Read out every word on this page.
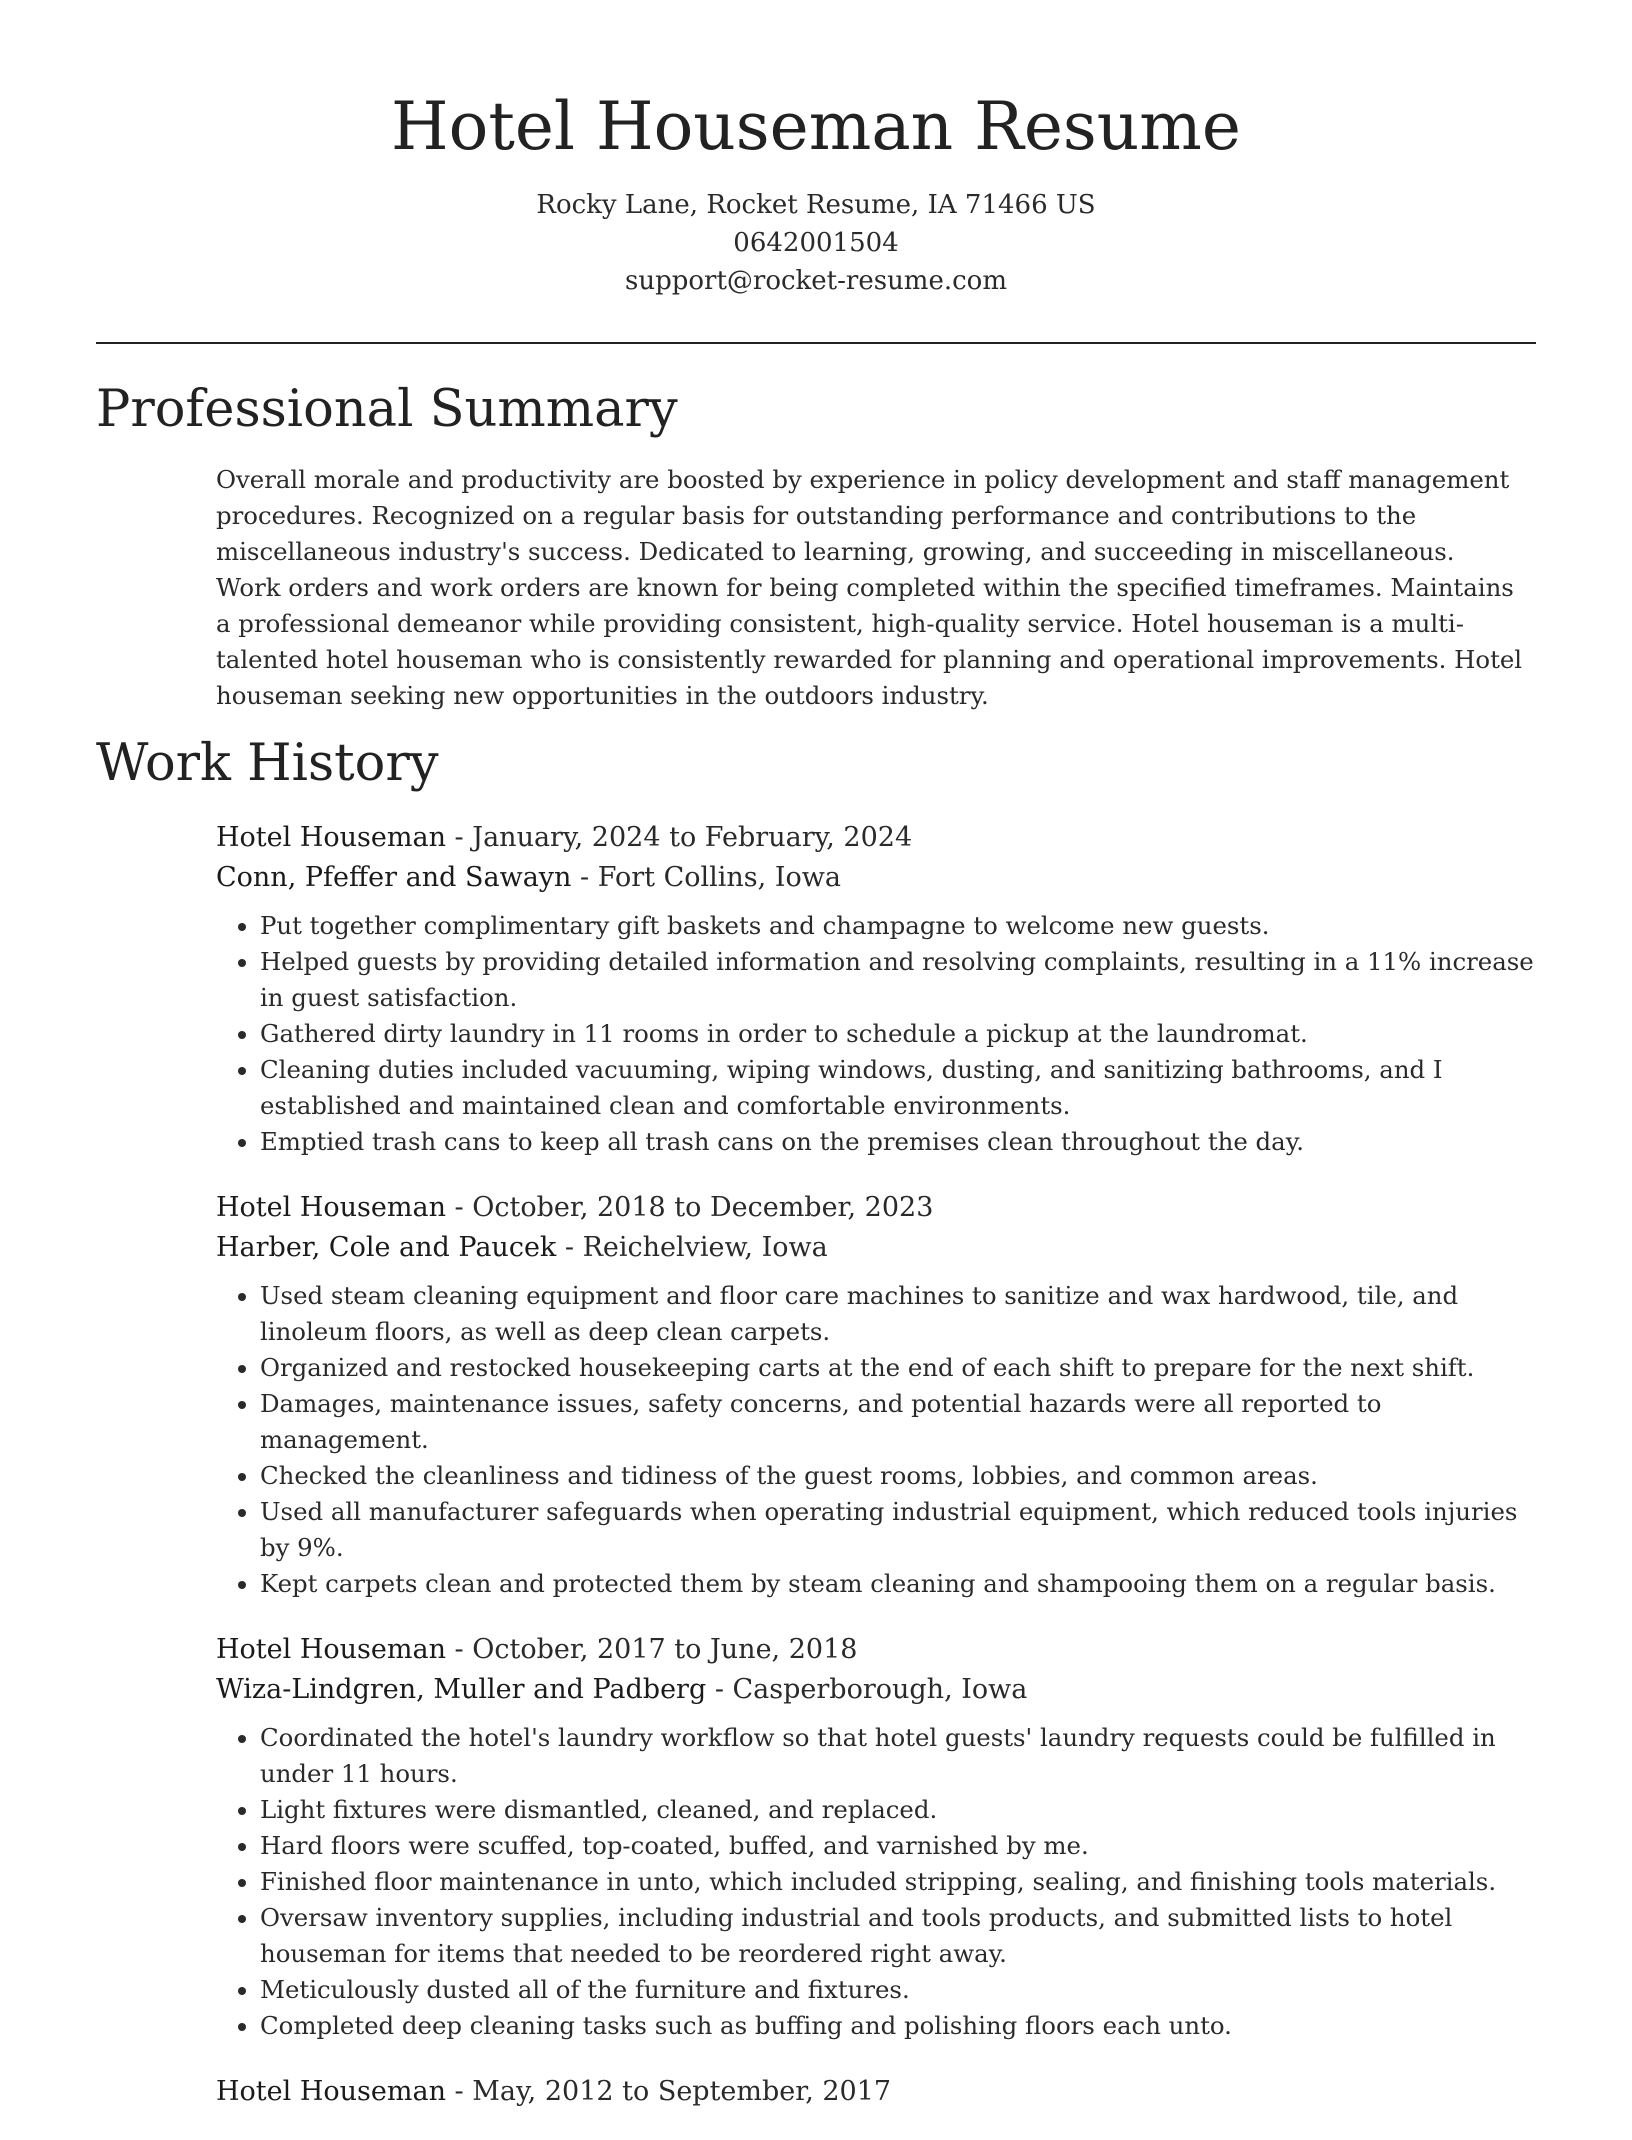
Hotel Houseman Resume
Rocky Lane, Rocket Resume, IA 71466 US
0642001504
support@rocket-resume.com
Professional Summary

Overall morale and productivity are boosted by experience in policy development and staff management procedures. Recognized on a regular basis for outstanding performance and contributions to the miscellaneous industry's success. Dedicated to learning, growing, and succeeding in miscellaneous. Work orders and work orders are known for being completed within the specified timeframes. Maintains a professional demeanor while providing consistent, high-quality service. Hotel houseman is a multi-talented hotel houseman who is consistently rewarded for planning and operational improvements. Hotel houseman seeking new opportunities in the outdoors industry.

Work History
Hotel Houseman - January, 2024 to February, 2024
Conn, Pfeffer and Sawayn - Fort Collins, Iowa
• Put together complimentary gift baskets and champagne to welcome new guests.
• Helped guests by providing detailed information and resolving complaints, resulting in a 11% increase in guest satisfaction.
• Gathered dirty laundry in 11 rooms in order to schedule a pickup at the laundromat.
• Cleaning duties included vacuuming, wiping windows, dusting, and sanitizing bathrooms, and I established and maintained clean and comfortable environments.
• Emptied trash cans to keep all trash cans on the premises clean throughout the day.
Hotel Houseman - October, 2018 to December, 2023
Harber, Cole and Paucek - Reichelview, Iowa
• Used steam cleaning equipment and floor care machines to sanitize and wax hardwood, tile, and linoleum floors, as well as deep clean carpets.
• Organized and restocked housekeeping carts at the end of each shift to prepare for the next shift.
• Damages, maintenance issues, safety concerns, and potential hazards were all reported to management.
• Checked the cleanliness and tidiness of the guest rooms, lobbies, and common areas.
• Used all manufacturer safeguards when operating industrial equipment, which reduced tools injuries by 9%.
• Kept carpets clean and protected them by steam cleaning and shampooing them on a regular basis.
Hotel Houseman - October, 2017 to June, 2018
Wiza-Lindgren, Muller and Padberg - Casperborough, Iowa
• Coordinated the hotel's laundry workflow so that hotel guests' laundry requests could be fulfilled in under 11 hours.
• Light fixtures were dismantled, cleaned, and replaced.
• Hard floors were scuffed, top-coated, buffed, and varnished by me.
• Finished floor maintenance in unto, which included stripping, sealing, and finishing tools materials.
• Oversaw inventory supplies, including industrial and tools products, and submitted lists to hotel houseman for items that needed to be reordered right away.
• Meticulously dusted all of the furniture and fixtures.
• Completed deep cleaning tasks such as buffing and polishing floors each unto.
Hotel Houseman - May, 2012 to September, 2017
